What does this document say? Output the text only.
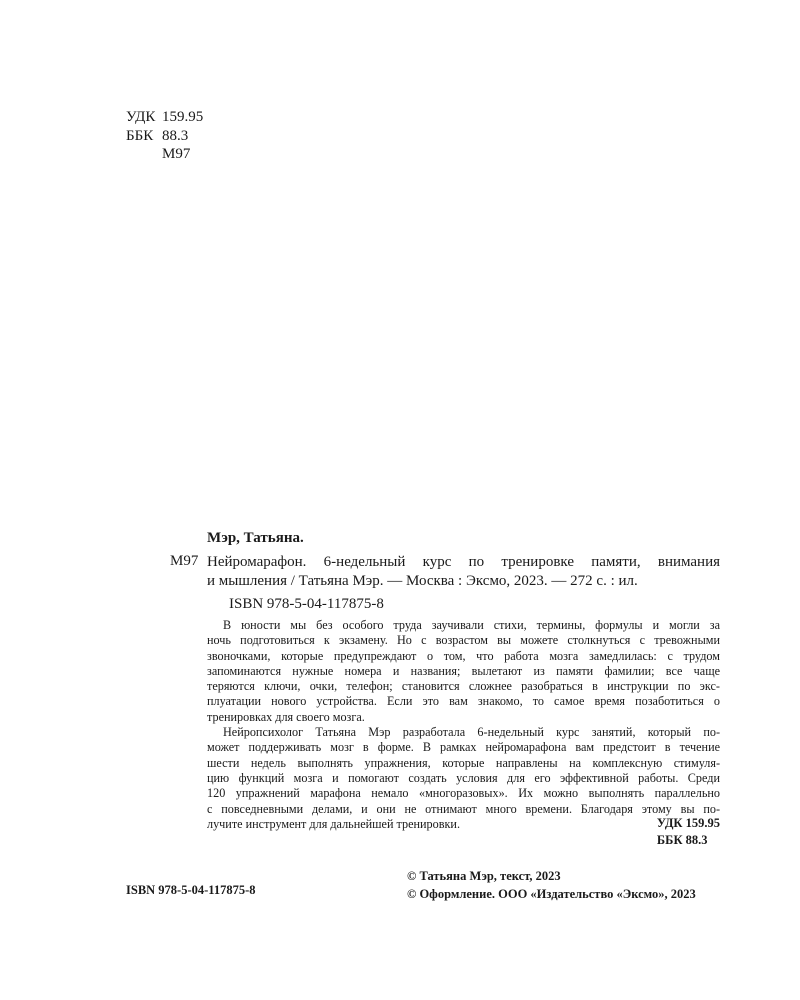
УДК 159.95
ББК 88.3
М97
Мэр, Татьяна.
М97 Нейромарафон. 6-недельный курс по тренировке памяти, внимания
и мышления / Татьяна Мэр. — Москва : Эксмо, 2023. — 272 с. : ил.
ISBN 978-5-04-117875-8
В юности мы без особого труда заучивали стихи, термины, формулы и могли за
ночь подготовиться к экзамену. Но с возрастом вы можете столкнуться с тревожными
звоночками, которые предупреждают о том, что работа мозга замедлилась: с трудом
запоминаются нужные номера и названия; вылетают из памяти фамилии; все чаще
теряются ключи, очки, телефон; становится сложнее разобраться в инструкции по экс-
плуатации нового устройства. Если это вам знакомо, то самое время позаботиться о
тренировках для своего мозга.
Нейропсихолог Татьяна Мэр разработала 6-недельный курс занятий, который по-
может поддерживать мозг в форме. В рамках нейромарафона вам предстоит в течение
шести недель выполнять упражнения, которые направлены на комплексную стимуля-
цию функций мозга и помогают создать условия для его эффективной работы. Среди
120 упражнений марафона немало «многоразовых». Их можно выполнять параллельно
с повседневными делами, и они не отнимают много времени. Благодаря этому вы по-
лучите инструмент для дальнейшей тренировки.	УДК 159.95
ББК 88.3
ISBN 978-5-04-117875-8
© Татьяна Мэр, текст, 2023
© Оформление. ООО «Издательство «Эксмо», 2023
